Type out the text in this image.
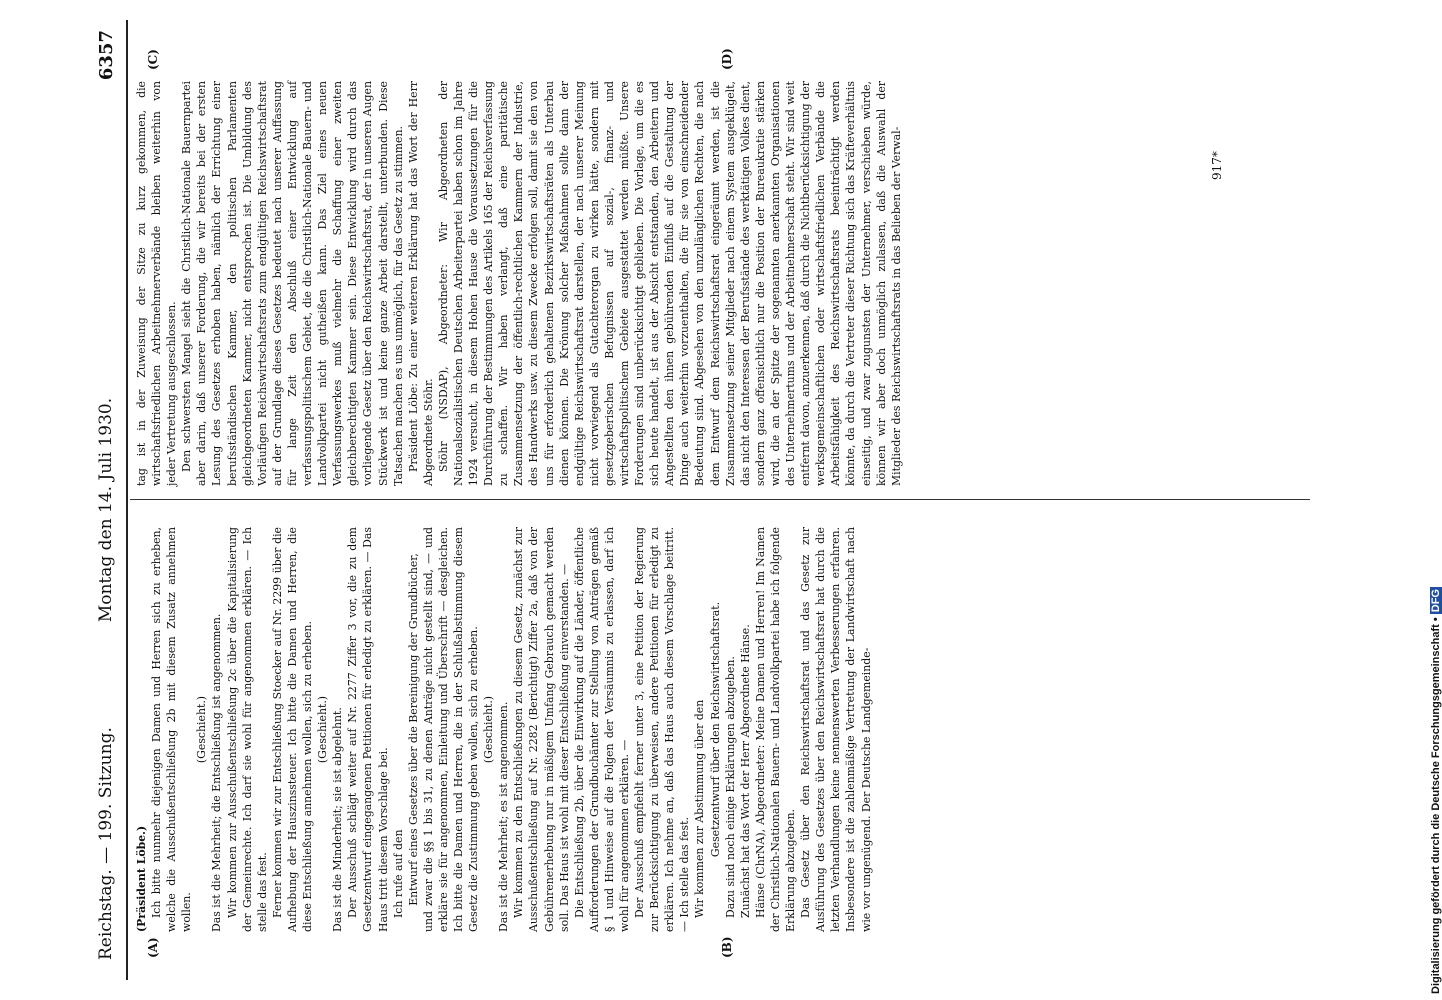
Reichstag. — 199. Sitzung.
Montag den 14. Juli 1930.
6357
(A)	(B)
(C)	(D)

(Präsident Löbe.) Ich bitte nunmehr diejenigen Damen und Herren sich zu erheben, welche die Ausschußentschließung 2b mit diesem Zusatz annehmen wollen.

(Geschieht.) Das ist die Mehrheit; die Entschließung ist angenommen. Wir kommen zur Ausschußentschließung 2c über die Kapitalisierung der Gemeinrechte. Ich darf sie wohl für angenommen erklären. — Ich stelle das fest. Ferner kommen wir zur Entschließung Stoecker auf Nr. 2299 über die Aufhebung der Hauszinssteuer. Ich bitte die Damen und Herren, die diese Entschließung annehmen wollen, sich zu erheben. (Geschieht.) Das ist die Minderheit; sie ist abgelehnt. Der Ausschuß schlägt weiter auf Nr. 2277 Ziffer 3 vor, die zu dem Gesetzentwurf eingegangenen Petitionen für erledigt zu erklären. — Das Haus tritt diesem Vorschlage bei. Ich rufe auf den Entwurf eines Gesetzes über die Bereinigung der Grundbücher, und zwar die §§ 1 bis 31, zu denen Anträge nicht gestellt sind, — und erkläre sie für angenommen, Einleitung und Überschrift — desgleichen. Ich bitte die Damen und Herren, die in der Schlußabstimmung diesem Gesetz die Zustimmung geben wollen, sich zu erheben. (Geschieht.) Das ist die Mehrheit; es ist angenommen. Wir kommen zu den Entschließungen zu diesem Gesetz, zunächst zur Ausschußentschließung auf Nr. 2282 (Berichtigt) Ziffer 2a, daß von der Gebührenerhebung nur in mäßigem Umfang Gebrauch gemacht werden soll. Das Haus ist wohl mit dieser Entschließung einverstanden. — Die Entschließung 2b, über die Einwirkung auf die Länder, öffentliche Aufforderungen der Grundbuchämter zur Stellung von Anträgen gemäß § 1 und Hinweise auf die Folgen der Versäumnis zu erlassen, darf ich wohl für angenommen erklären. — Der Ausschuß empfiehlt ferner unter 3, eine Petition der Regierung zur Berücksichtigung zu überweisen, andere Petitionen für erledigt zu erklären. Ich nehme an, daß das Haus auch diesem Vorschlage beitritt. — Ich stelle das fest. Wir kommen zur Abstimmung über den Gesetzentwurf über den Reichswirtschaftsrat. Dazu sind noch einige Erklärungen abzugeben. Zunächst hat das Wort der Herr Abgeordnete Hänse. Hänse (ChrNA), Abgeordneter: Meine Damen und Herren! Im Namen der Christlich-Nationalen Bauern- und Landvolkpartei habe ich folgende Erklärung abzugeben. Das Gesetz über den Reichswirtschaftsrat und das Gesetz zur Ausführung des Gesetzes über den Reichswirtschaftsrat hat durch die letzten Verhandlungen keine nennenswerten Verbesserungen erfahren. Insbesondere ist die zahlenmäßige Vertretung der Landwirtschaft nach wie vor ungenügend. Der Deutsche Landgemeinde-

tag ist in der Zuweisung der Sitze zu kurz gekommen, die wirtschaftsfriedlichen Arbeitnehmerverbände bleiben weiterhin von jeder Vertretung ausgeschlossen. Den schwersten Mangel sieht die Christlich-Nationale Bauernpartei aber darin, daß unserer Forderung, die wir bereits bei der ersten Lesung des Gesetzes erhoben haben, nämlich der Errichtung einer berufsständischen Kammer, den politischen Parlamenten gleichgeordneten Kammer, nicht entsprochen ist. Die Umbildung des Vorläufigen Reichswirtschaftsrats zum endgültigen Reichswirtschaftsrat auf der Grundlage dieses Gesetzes bedeutet nach unserer Auffassung für lange Zeit den Abschluß einer Entwicklung auf verfassungspolitischem Gebiet, die die Christlich-Nationale Bauern- und Landvolkpartei nicht gutheißen kann. Das Ziel eines neuen Verfassungswerkes muß vielmehr die Schaffung einer zweiten gleichberechtigten Kammer sein. Diese Entwicklung wird durch das vorliegende Gesetz über den Reichswirtschaftsrat, der in unseren Augen Stückwerk ist und keine ganze Arbeit darstellt, unterbunden. Diese Tatsachen machen es uns unmöglich, für das Gesetz zu stimmen. Präsident Löbe: Zu einer weiteren Erklärung hat das Wort der Herr Abgeordnete Stöhr. Stöhr (NSDAP), Abgeordneter: Wir Abgeordneten der Nationalsozialistischen Deutschen Arbeiterpartei haben schon im Jahre 1924 versucht, in diesem Hohen Hause die Voraussetzungen für die Durchführung der Bestimmungen des Artikels 165 der Reichsverfassung zu schaffen. Wir haben verlangt, daß eine paritätische Zusammensetzung der öffentlich-rechtlichen Kammern der Industrie, des Handwerks usw. zu diesem Zwecke erfolgen soll, damit sie den von uns für erforderlich gehaltenen Bezirkswirtschaftsräten als Unterbau dienen können. Die Krönung solcher Maßnahmen sollte dann der endgültige Reichswirtschaftsrat darstellen, der nach unserer Meinung nicht vorwiegend als Gutachterorgan zu wirken hätte, sondern mit gesetzgeberischen Befugnissen auf sozial-, finanz- und wirtschaftspolitischem Gebiete ausgestattet werden müßte. Unsere Forderungen sind unberücksichtigt geblieben. Die Vorlage, um die es sich heute handelt, ist aus der Absicht entstanden, den Arbeitern und Angestellten den ihnen gebührenden Einfluß auf die Gestaltung der Dinge auch weiterhin vorzuenthalten, die für sie von einschneidender Bedeutung sind. Abgesehen von den unzulänglichen Rechten, die nach dem Entwurf dem Reichswirtschaftsrat eingeräumt werden, ist die Zusammensetzung seiner Mitglieder nach einem System ausgeklügelt, das nicht den Interessen der Berufsstände des werktätigen Volkes dient, sondern ganz offensichtlich nur die Position der Bureaukratie stärken wird, die an der Spitze der sogenannten anerkannten Organisationen des Unternehmertums und der Arbeitnehmerschaft steht. Wir sind weit entfernt davon, anzuerkennen, daß durch die Nichtberücksichtigung der werksgemeinschaftlichen oder wirtschaftsfriedlichen Verbände die Arbeitsfähigkeit des Reichswirtschaftsrats beeinträchtigt werden könnte, da durch die Vertreter dieser Richtung sich das Kräfteverhältnis einseitig, und zwar zugunsten der Unternehmer, verschieben würde, können wir aber doch unmöglich zulassen, daß die Auswahl der Mitglieder des Reichswirtschaftsrats in das Belieben der Verwal-	917*
Digitalisierung gefördert durch die Deutsche Forschungsgemeinschaft • DFG
